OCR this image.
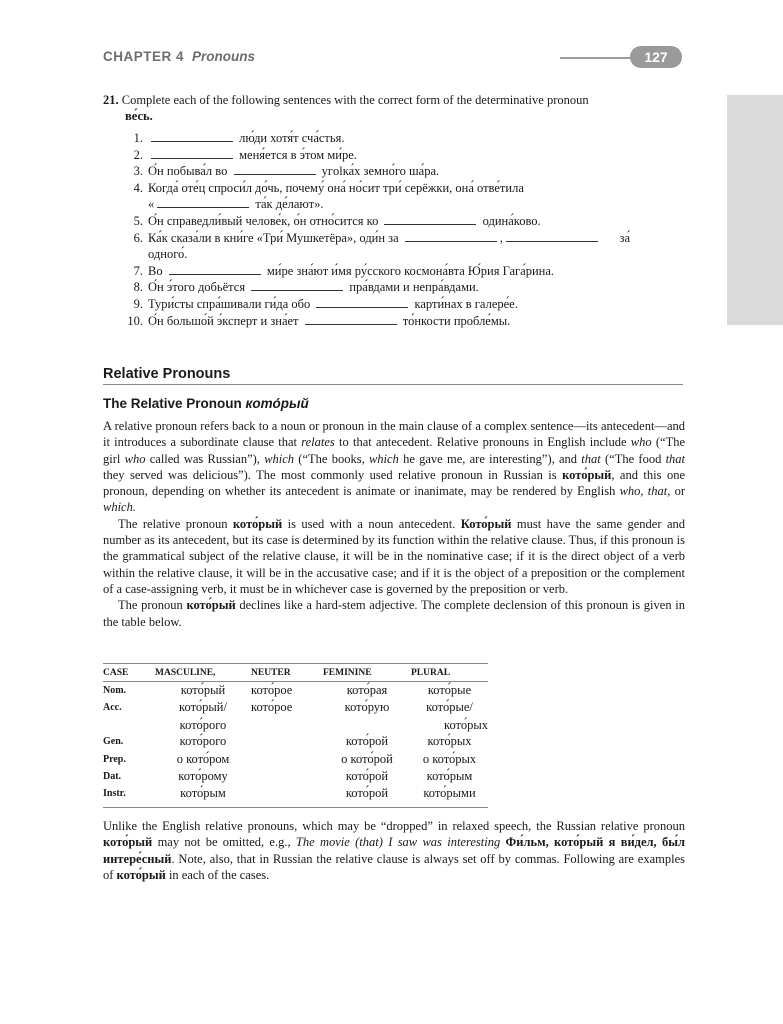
CHAPTER 4 Pronouns	127
21. Complete each of the following sentences with the correct form of the determinative pronoun
ве́сь.
1.	лю́ди хотя́т сча́стья.
2.	меня́ется в э́том ми́ре.
3. О́н побыва́л во	угolка́х земно́го ша́ра.
4. Когда́ оте́ц спроси́л до́чь, почему́ она́ но́сит три́ серёжки, она́ отве́тила
«	та́к де́лают».
5. О́н справедли́вый челове́к, о́н отно́сится ко	одина́ково.
6. Ка́к сказа́ли в кни́ге «Три́ Мушкетёра», оди́н за	,	за́
одного́.
7. Во	ми́ре зна́ют и́мя ру́сского космона́вта Ю́рия Гага́рина.
8. О́н э́того добьётся	пра́вдами и непра́вдами.
9. Тури́сты спра́шивали ги́да обо	карти́нах в галере́е.
10. О́н большо́й э́ксперт и зна́ет	то́нкости пробле́мы.
Relative Pronouns
The Relative Pronoun кото́рый

A relative pronoun refers back to a noun or pronoun in the main clause of a complex sentence—its antecedent—and it introduces a subordinate clause that relates to that antecedent. Relative pronouns in English include who (“The girl who called was Russian”), which (“The books, which he gave me, are interesting”), and that (“The food that they served was delicious”). The most commonly used relative pronoun in Russian is кото́рый, and this one pronoun, depending on whether its antecedent is animate or inanimate, may be rendered by English who, that, or which.

The relative pronoun кото́рый is used with a noun antecedent. Кото́рый must have the same gender and number as its antecedent, but its case is determined by its function within the relative clause. Thus, if this pronoun is the grammatical subject of the relative clause, it will be in the nominative case; if it is the direct object of a verb within the relative clause, it will be in the accusative case; and if it is the object of a preposition or the complement of a case-assigning verb, it must be in whichever case is governed by the preposition or verb.

The pronoun кото́рый declines like a hard-stem adjective. The complete declension of this pronoun is given in the table below.

CASE	MASCULINE,	NEUTER	FEMININE	PLURAL
Nom.	кото́рый	кото́рое	кото́рая	кото́рые
Acc.	кото́рый/	кото́рое	кото́рую	кото́рые/
	кото́рого			кото́рых
Gen.	кото́рого		кото́рой	кото́рых
Prep.	о кото́ром		о кото́рой	о кото́рых
Dat.	кото́рому		кото́рой	кото́рым
Instr.	кото́рым		кото́рой	кото́рыми
Unlike the English relative pronouns, which may be “dropped” in relaxed speech, the Russian relative pronoun кото́рый may not be omitted, e.g., The movie (that) I saw was interesting Фи́льм, кото́рый я ви́дел, бы́л интере́сный. Note, also, that in Russian the relative clause is always set off by commas. Following are examples of кото́рый in each of the cases.
